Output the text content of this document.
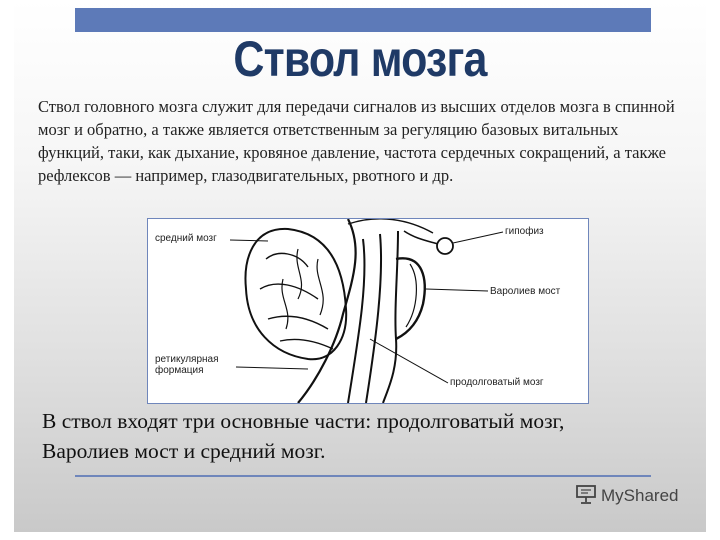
Ствол мозга
Ствол головного мозга служит для передачи сигналов из высших отделов мозга в спинной мозг и обратно, а также является ответственным за регуляцию базовых витальных функций, таки, как дыхание, кровяное давление, частота сердечных сокращений, а также рефлексов — например, глазодвигательных, рвотного и др.
средний мозг
гипофиз
Варолиев мост
ретикулярная формация
продолговатый мозг
В ствол входят три основные части: продолговатый мозг, Варолиев мост и средний мозг.
MyShared
